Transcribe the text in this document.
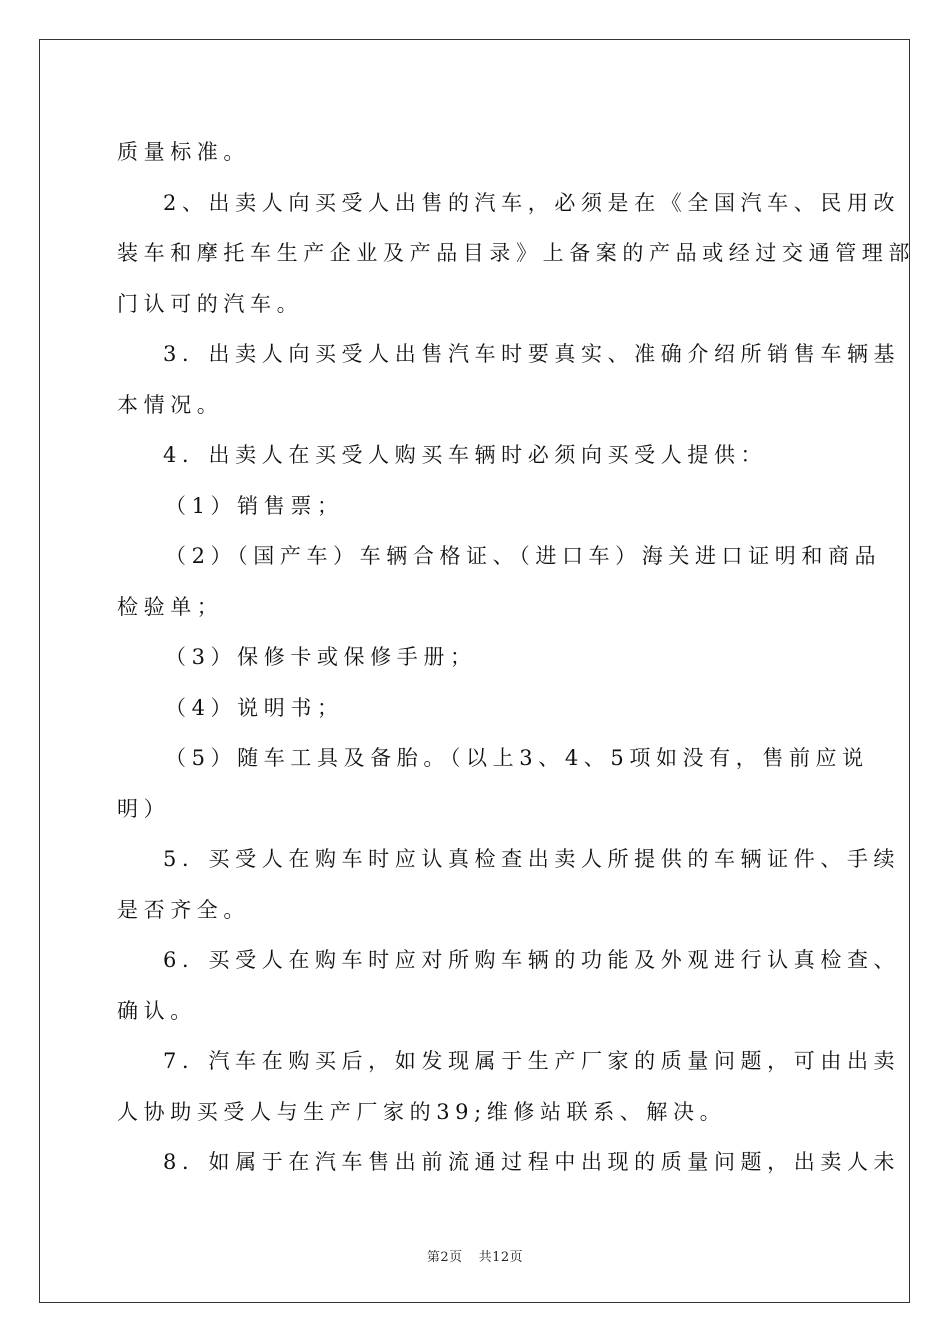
质量标准。
2、出卖人向买受人出售的汽车，必须是在《全国汽车、民用改
装车和摩托车生产企业及产品目录》上备案的产品或经过交通管理部
门认可的汽车。
3．出卖人向买受人出售汽车时要真实、准确介绍所销售车辆基
本情况。
4．出卖人在买受人购买车辆时必须向买受人提供：
（1）销售票；
（2）（国产车）车辆合格证、（进口车）海关进口证明和商品
检验单；
（3）保修卡或保修手册；
（4）说明书；
（5）随车工具及备胎。（以上3、4、5项如没有，售前应说
明）
5．买受人在购车时应认真检查出卖人所提供的车辆证件、手续
是否齐全。
6．买受人在购车时应对所购车辆的功能及外观进行认真检查、
确认。
7．汽车在购买后，如发现属于生产厂家的质量问题，可由出卖
人协助买受人与生产厂家的39;维修站联系、解决。
8．如属于在汽车售出前流通过程中出现的质量问题，出卖人未
第2页 共12页
